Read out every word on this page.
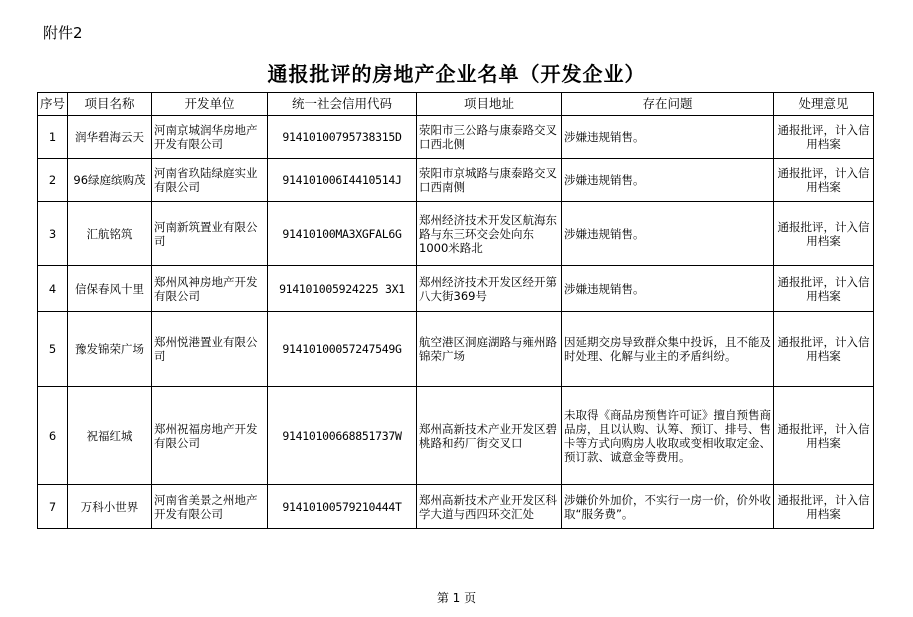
附件2
通报批评的房地产企业名单（开发企业）
序号	项目名称	开发单位	统一社会信用代码	项目地址	存在问题	处理意见
1	润华碧海云天	河南京城润华房地产开发有限公司	91410100795738315D	荥阳市三公路与康泰路交叉口西北侧	涉嫌违规销售。	通报批评，计入信用档案
2	96绿庭缤购茂	河南省玖陆绿庭实业有限公司	914101006I4410514J	荥阳市京城路与康泰路交叉口西南侧	涉嫌违规销售。	通报批评，计入信用档案
3	汇航铭筑	河南新筑置业有限公司	91410100MA3XGFAL6G	郑州经济技术开发区航海东路与东三环交会处向东1000米路北	涉嫌违规销售。	通报批评，计入信用档案
4	信保春风十里	郑州风神房地产开发有限公司	914101005924225 3X1	郑州经济技术开发区经开第八大街369号	涉嫌违规销售。	通报批评，计入信用档案
5	豫发锦荣广场	郑州悦港置业有限公司	91410100057247549G	航空港区洞庭湖路与雍州路锦荣广场	因延期交房导致群众集中投诉，且不能及时处理、化解与业主的矛盾纠纷。	通报批评，计入信用档案
6	祝福红城	郑州祝福房地产开发有限公司	91410100668851737W	郑州高新技术产业开发区碧桃路和药厂街交叉口	未取得《商品房预售许可证》擅自预售商品房，且以认购、认筹、预订、排号、售卡等方式向购房人收取或变相收取定金、预订款、诚意金等费用。	通报批评，计入信用档案
7	万科小世界	河南省美景之州地产开发有限公司	91410100579210444T	郑州高新技术产业开发区科学大道与西四环交汇处	涉嫌价外加价，不实行一房一价，价外收取“服务费”。	通报批评，计入信用档案
第 1 页
